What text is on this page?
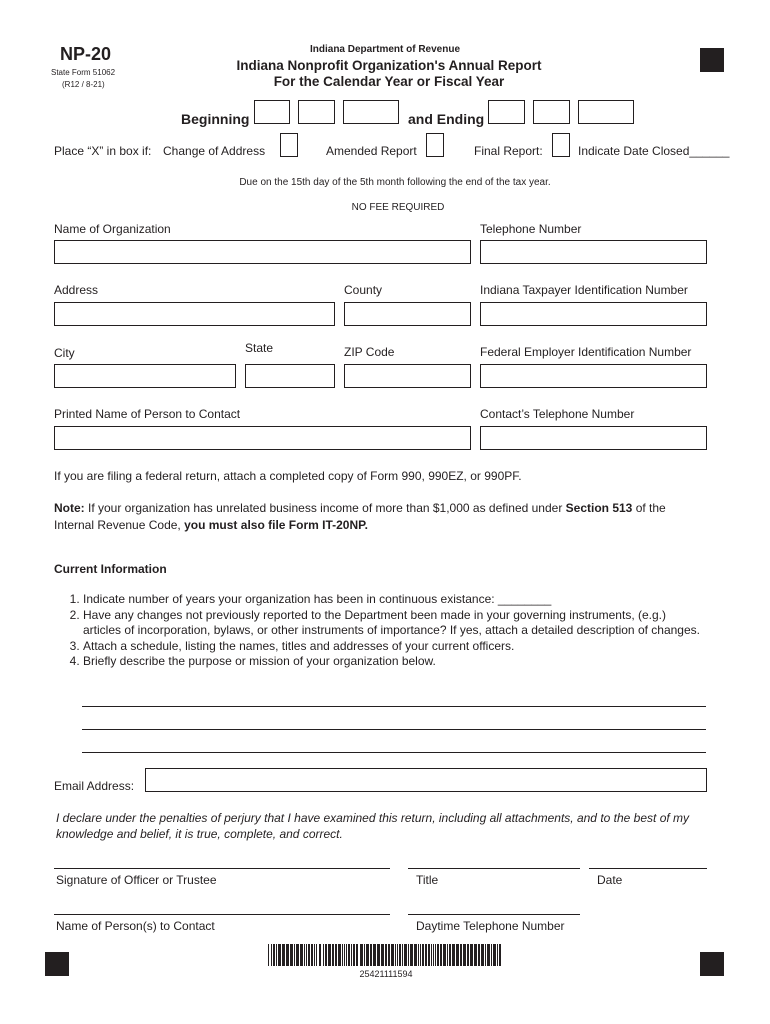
NP-20
State Form 51062
(R12 / 8-21)
Indiana Department of Revenue
Indiana Nonprofit Organization's Annual Report
For the Calendar Year or Fiscal Year
Beginning	and Ending
Place “X” in box if: Change of Address	Amended Report	Final Report:	Indicate Date Closed______
Due on the 15th day of the 5th month following the end of the tax year.
NO FEE REQUIRED
Name of Organization	Telephone Number
Address	County	Indiana Taxpayer Identification Number
City	State	ZIP Code	Federal Employer Identification Number
Printed Name of Person to Contact	Contact’s Telephone Number
If you are filing a federal return, attach a completed copy of Form 990, 990EZ, or 990PF.
Note: If your organization has unrelated business income of more than $1,000 as defined under Section 513 of the
Internal Revenue Code, you must also file Form IT-20NP.
Current Information
1. Indicate number of years your organization has been in continuous existance: ________
2. Have any changes not previously reported to the Department been made in your governing instruments, (e.g.) articles of incorporation, bylaws, or other instruments of importance? If yes, attach a detailed description of changes.
3. Attach a schedule, listing the names, titles and addresses of your current officers.
4. Briefly describe the purpose or mission of your organization below.
Email Address:
I declare under the penalties of perjury that I have examined this return, including all attachments, and to the best of my knowledge and belief, it is true, complete, and correct.
Signature of Officer or Trustee	Title	Date
Name of Person(s) to Contact	Daytime Telephone Number
25421111594
